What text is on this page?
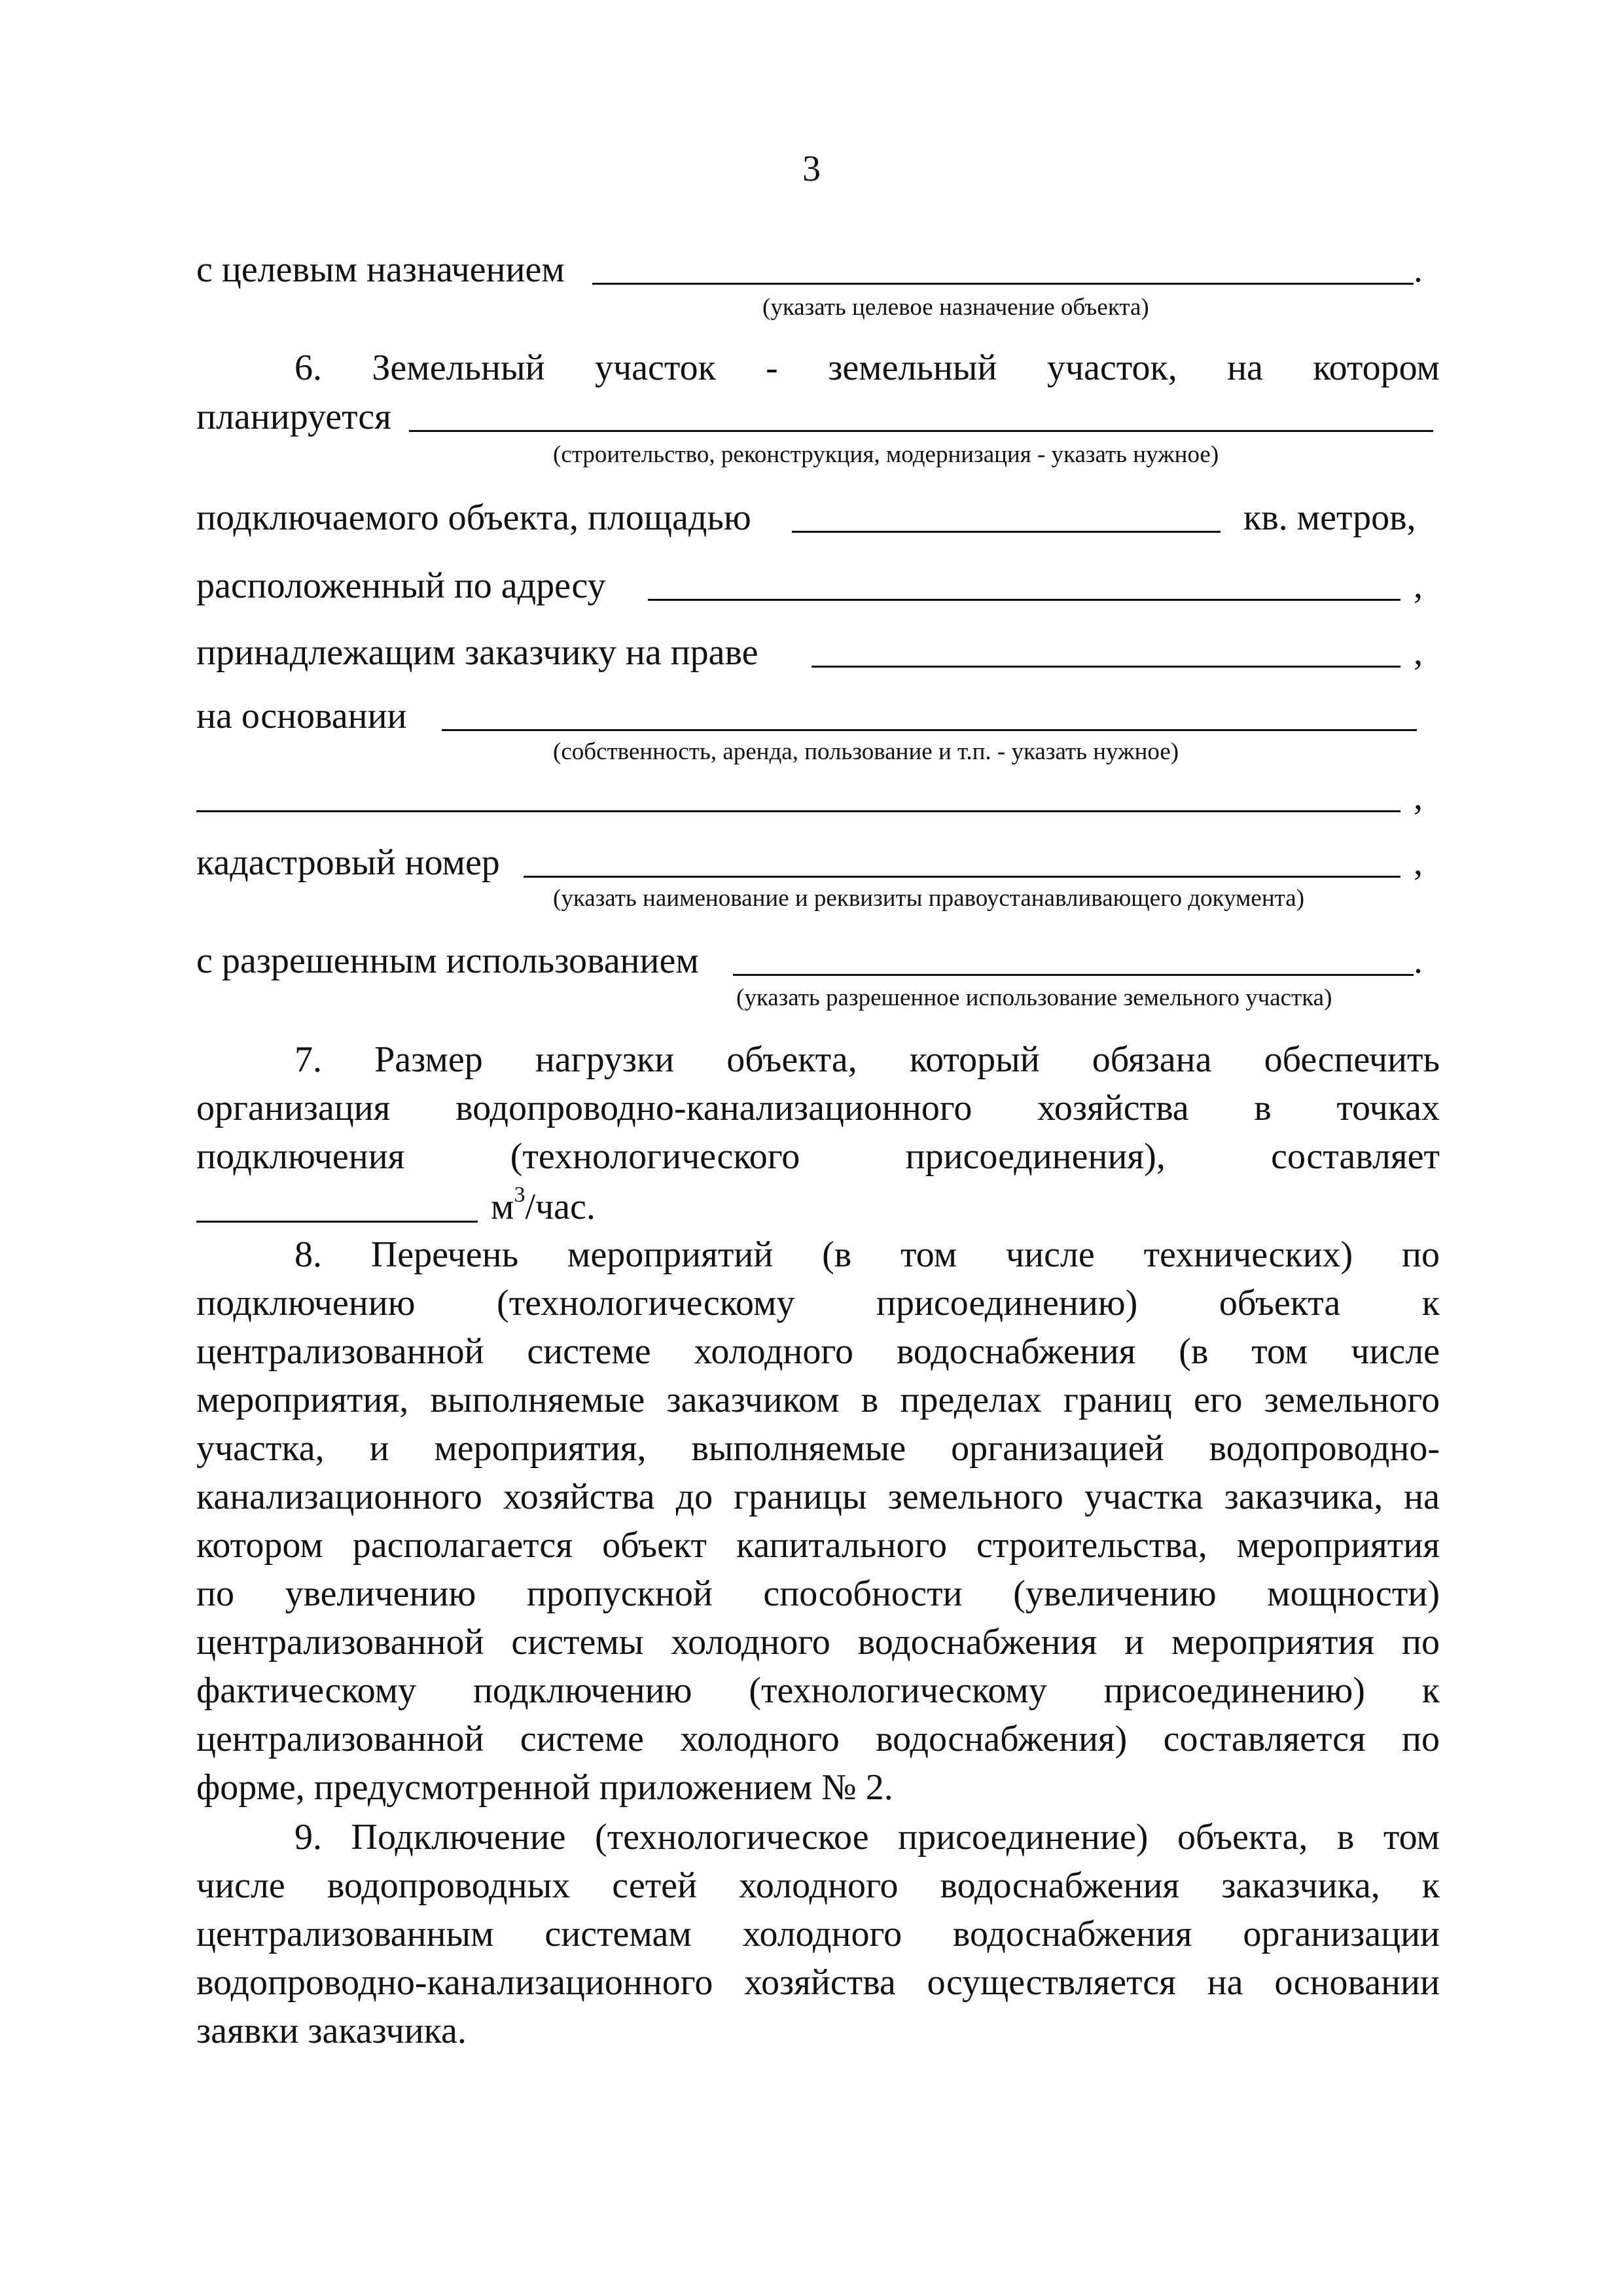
3
с целевым назначением	.
(указать целевое назначение объекта)
6. Земельный участок - земельный участок, на котором
планируется
(строительство, реконструкция, модернизация - указать нужное)
подключаемого объекта, площадью	кв. метров,
расположенный по адресу	,
принадлежащим заказчику на праве	,
на основании
(собственность, аренда, пользование и т.п. - указать нужное)
,
кадастровый номер	,
(указать наименование и реквизиты правоустанавливающего документа)
с разрешенным использованием	.
(указать разрешенное использование земельного участка)
7. Размер нагрузки объекта, который обязана обеспечить
организация водопроводно-канализационного хозяйства в точках
подключения (технологического присоединения), составляет
$м^3$/час.
8. Перечень мероприятий (в том числе технических) по
подключению (технологическому присоединению) объекта к
централизованной системе холодного водоснабжения (в том числе
мероприятия, выполняемые заказчиком в пределах границ его земельного
участка, и мероприятия, выполняемые организацией водопроводно-
канализационного хозяйства до границы земельного участка заказчика, на
котором располагается объект капитального строительства, мероприятия
по увеличению пропускной способности (увеличению мощности)
централизованной системы холодного водоснабжения и мероприятия по
фактическому подключению (технологическому присоединению) к
централизованной системе холодного водоснабжения) составляется по
форме, предусмотренной приложением № 2.
9. Подключение (технологическое присоединение) объекта, в том
числе водопроводных сетей холодного водоснабжения заказчика, к
централизованным системам холодного водоснабжения организации
водопроводно-канализационного хозяйства осуществляется на основании
заявки заказчика.
